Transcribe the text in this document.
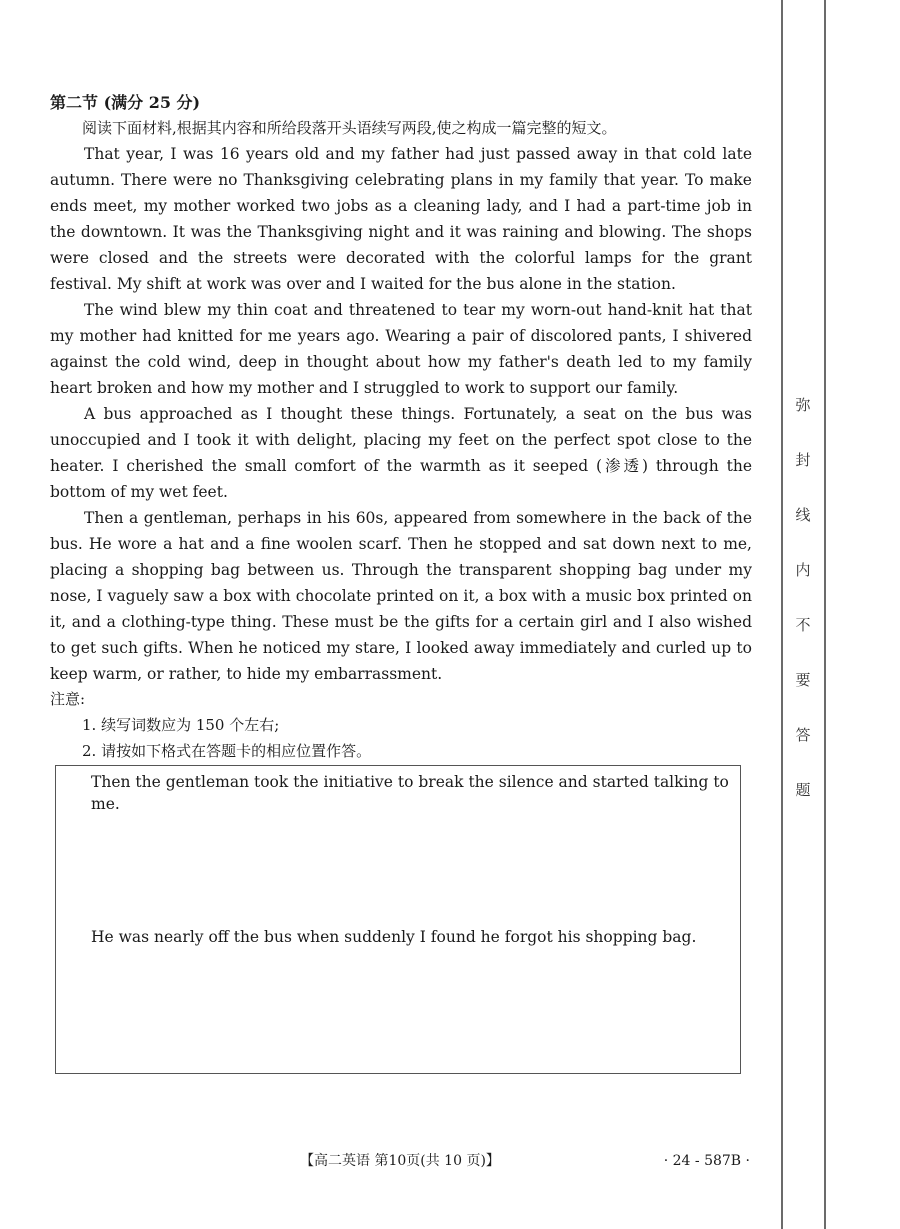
弥
封
线
内
不
要
答
题

第二节 (满分 25 分)

阅读下面材料,根据其内容和所给段落开头语续写两段,使之构成一篇完整的短文。

That year, I was 16 years old and my father had just passed away in that cold late autumn. There were no Thanksgiving celebrating plans in my family that year. To make ends meet, my mother worked two jobs as a cleaning lady, and I had a part-time job in the downtown. It was the Thanksgiving night and it was raining and blowing. The shops were closed and the streets were decorated with the colorful lamps for the grant festival. My shift at work was over and I waited for the bus alone in the station.

The wind blew my thin coat and threatened to tear my worn-out hand-knit hat that my mother had knitted for me years ago. Wearing a pair of discolored pants, I shivered against the cold wind, deep in thought about how my father's death led to my family heart broken and how my mother and I struggled to work to support our family.

A bus approached as I thought these things. Fortunately, a seat on the bus was unoccupied and I took it with delight, placing my feet on the perfect spot close to the heater. I cherished the small comfort of the warmth as it seeped (渗透) through the bottom of my wet feet.

Then a gentleman, perhaps in his 60s, appeared from somewhere in the back of the bus. He wore a hat and a fine woolen scarf. Then he stopped and sat down next to me, placing a shopping bag between us. Through the transparent shopping bag under my nose, I vaguely saw a box with chocolate printed on it, a box with a music box printed on it, and a clothing-type thing. These must be the gifts for a certain girl and I also wished to get such gifts. When he noticed my stare, I looked away immediately and curled up to keep warm, or rather, to hide my embarrassment.

注意:

1. 续写词数应为 150 个左右;

2. 请按如下格式在答题卡的相应位置作答。

Then the gentleman took the initiative to break the silence and started talking to me.

He was nearly off the bus when suddenly I found he forgot his shopping bag.

【高二英语 第10页(共 10 页)】	· 24 - 587B ·
